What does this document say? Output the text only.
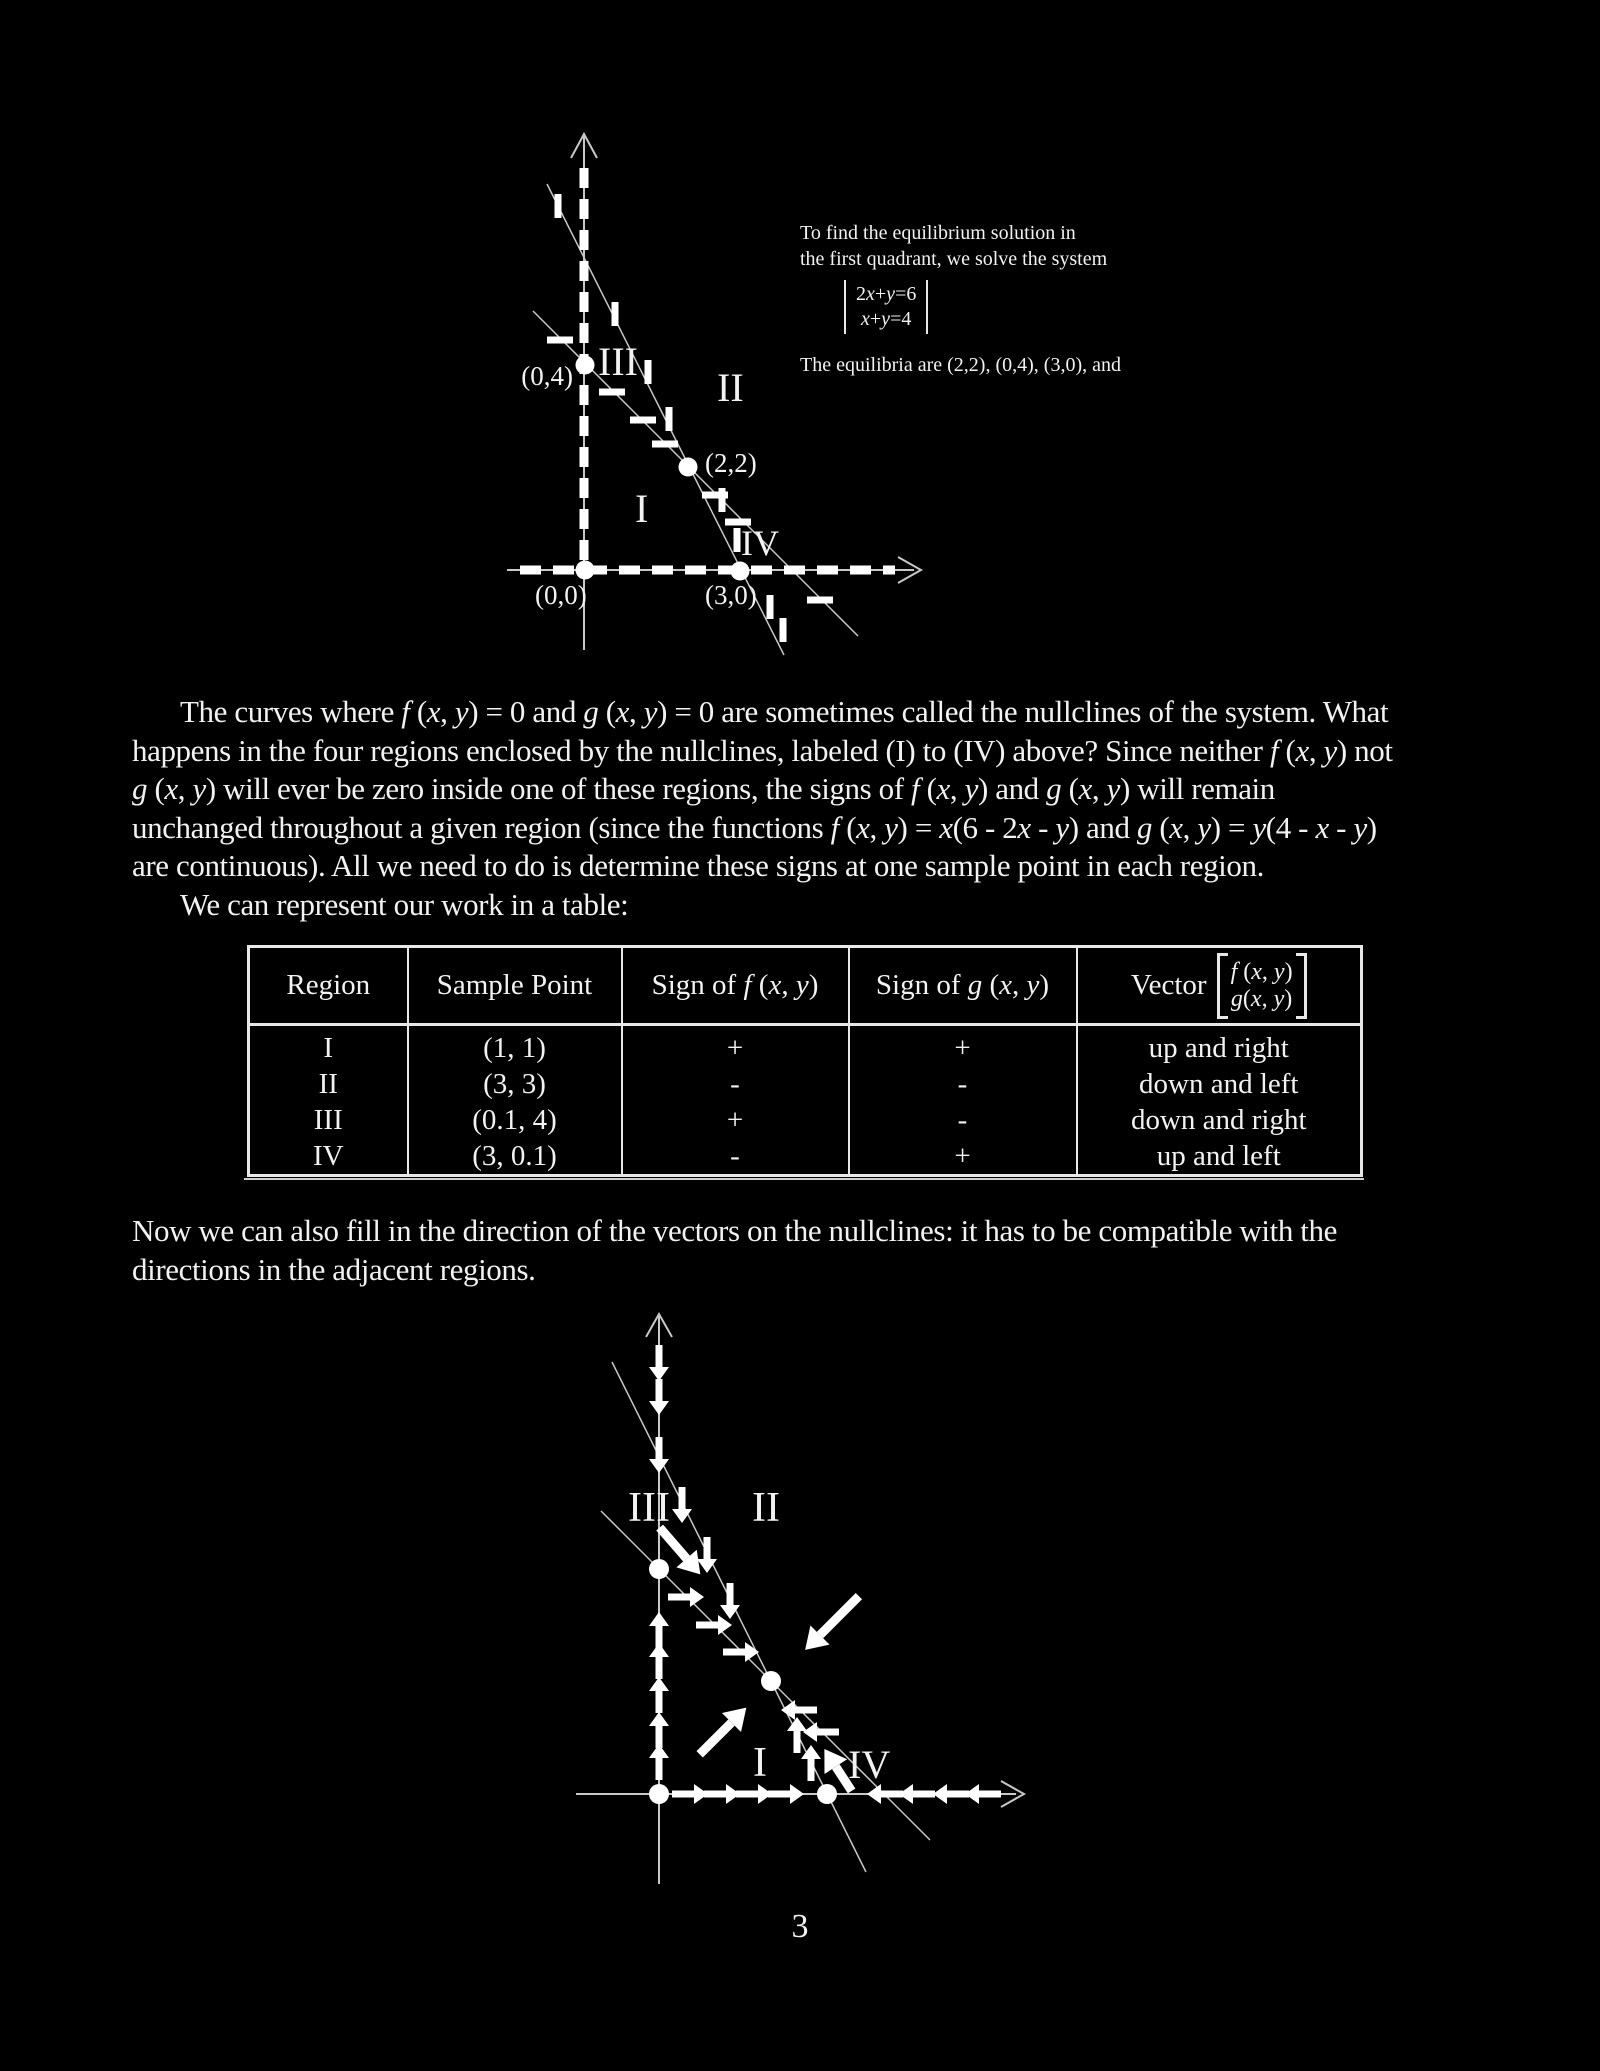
(0,4) III
II
(2,2)
I
IV
(0,0)	(3,0)
To find the equilibrium solution in
the first quadrant, we solve the system
2x+y=6
x+y=4
The equilibria are (2,2), (0,4), (3,0), and
The curves where f (x, y) = 0 and g (x, y) = 0 are sometimes called the nullclines of the system. What
happens in the four regions enclosed by the nullclines, labeled (I) to (IV) above? Since neither f (x, y) not
g (x, y) will ever be zero inside one of these regions, the signs of f (x, y) and g (x, y) will remain
unchanged throughout a given region (since the functions f (x, y) = x(6 - 2x - y) and g (x, y) = y(4 - x - y)
are continuous). All we need to do is determine these signs at one sample point in each region.
We can represent our work in a table:
Region	Sample Point	Sign of f (x, y)	Sign of g (x, y)	Vector f (x, y)
g(x, y)

I	(1, 1)	+	+	up and right
II	(3, 3)	-	-	down and left
III	(0.1, 4)	+	-	down and right
IV	(3, 0.1)	-	+	up and left
Now we can also fill in the direction of the vectors on the nullclines: it has to be compatible with the
directions in the adjacent regions.
III II
I IV
3
